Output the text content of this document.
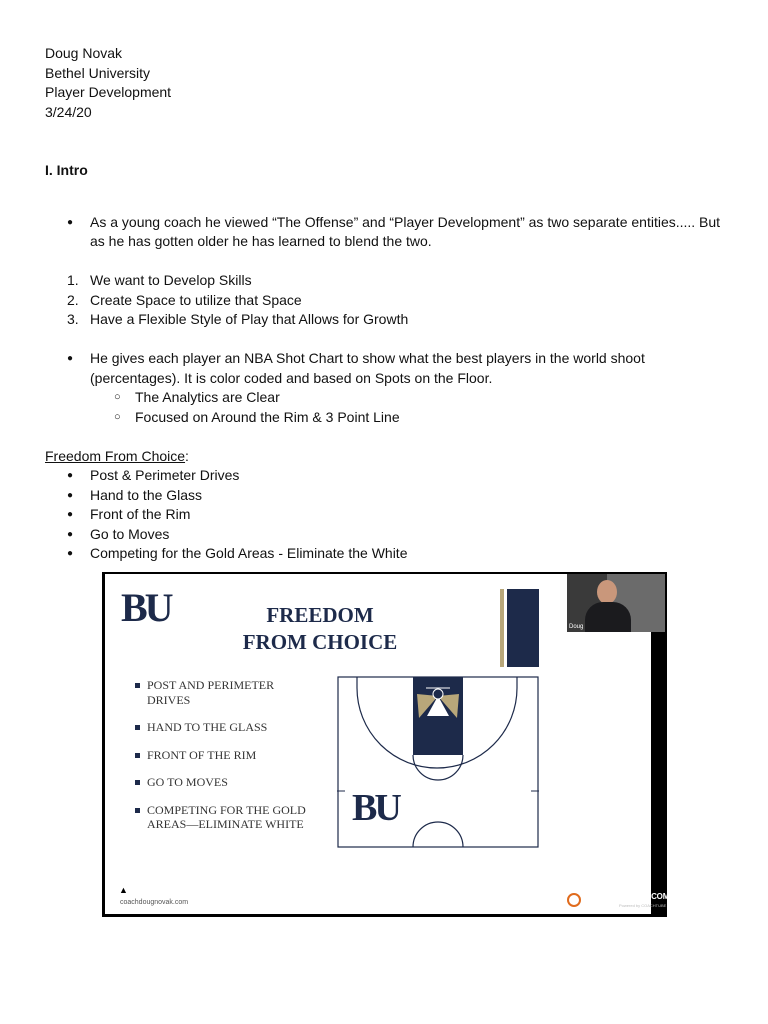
Doug Novak

Bethel University

Player Development

3/24/20

I. Intro

● As a young coach he viewed “The Offense” and “Player Development” as two separate entities..... But as he has gotten older he has learned to blend the two.
1. We want to Develop Skills
2. Create Space to utilize that Space
3. Have a Flexible Style of Play that Allows for Growth
● He gives each player an NBA Shot Chart to show what the best players in the world shoot (percentages). It is color coded and based on Spots on the Floor.
○ The Analytics are Clear
○ Focused on Around the Rim & 3 Point Line

Freedom From Choice:

● Post & Perimeter Drives
● Hand to the Glass
● Front of the Rim
● Go to Moves
● Competing for the Gold Areas - Eliminate the White
BU	FREEDOM
FROM CHOICE
POST AND PERIMETER DRIVES
HAND TO THE GLASS
FRONT OF THE RIM
GO TO MOVES
COMPETING FOR THE GOLD AREAS—ELIMINATE WHITE	BU
▲
coachdougnovak.com
Doug
COACHESCLINIC.COM
Powered by COACHTUBE
